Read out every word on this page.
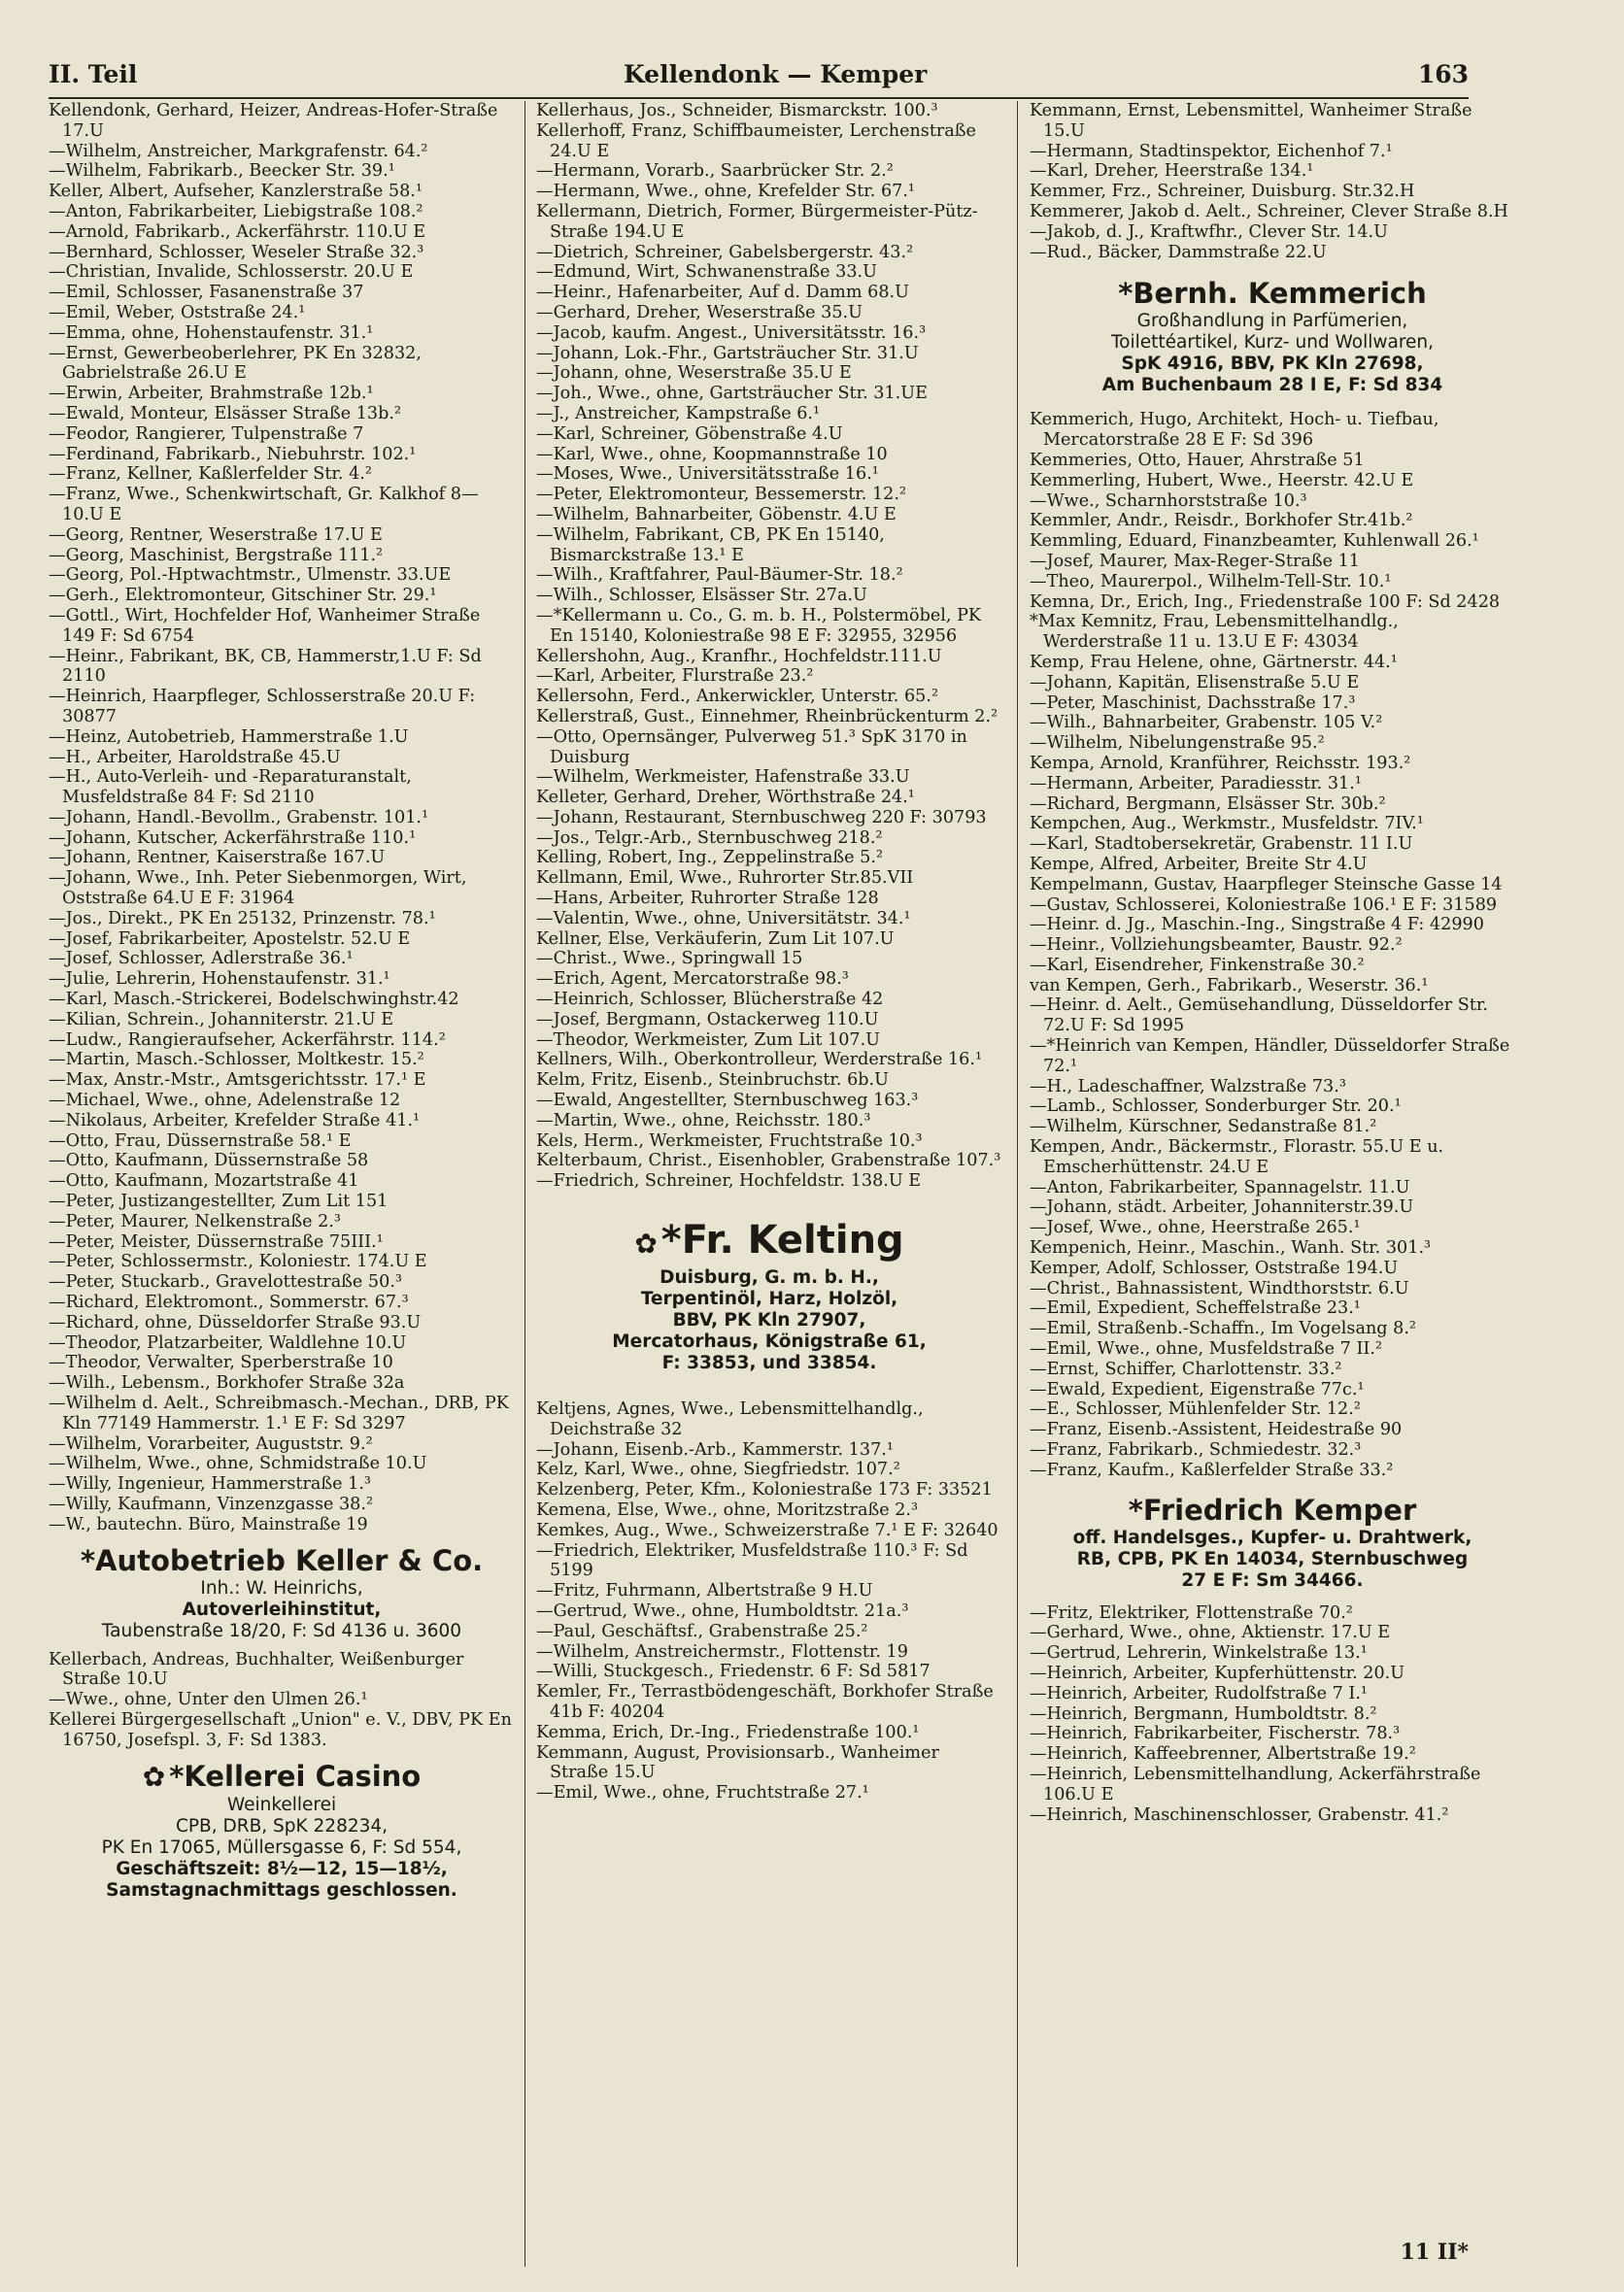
II. Teil	Kellendonk — Kemper	163
Kellendonk, Gerhard, Heizer, Andreas-Hofer-Straße 17.U
—Wilhelm, Anstreicher, Markgrafenstr. 64.²
—Wilhelm, Fabrikarb., Beecker Str. 39.¹
Keller, Albert, Aufseher, Kanzlerstraße 58.¹
—Anton, Fabrikarbeiter, Liebigstraße 108.²
—Arnold, Fabrikarb., Ackerfährstr. 110.U E
—Bernhard, Schlosser, Weseler Straße 32.³
—Christian, Invalide, Schlosserstr. 20.U E
—Emil, Schlosser, Fasanenstraße 37
—Emil, Weber, Oststraße 24.¹
—Emma, ohne, Hohenstaufenstr. 31.¹
—Ernst, Gewerbeoberlehrer, PK En 32832, Gabrielstraße 26.U E
—Erwin, Arbeiter, Brahmstraße 12b.¹
—Ewald, Monteur, Elsässer Straße 13b.²
—Feodor, Rangierer, Tulpenstraße 7
—Ferdinand, Fabrikarb., Niebuhrstr. 102.¹
—Franz, Kellner, Kaßlerfelder Str. 4.²
—Franz, Wwe., Schenkwirtschaft, Gr. Kalkhof 8—10.U E
—Georg, Rentner, Weserstraße 17.U E
—Georg, Maschinist, Bergstraße 111.²
—Georg, Pol.-Hptwachtmstr., Ulmenstr. 33.UE
—Gerh., Elektromonteur, Gitschiner Str. 29.¹
—Gottl., Wirt, Hochfelder Hof, Wanheimer Straße 149 F: Sd 6754
—Heinr., Fabrikant, BK, CB, Hammerstr,1.U F: Sd 2110
—Heinrich, Haarpfleger, Schlosserstraße 20.U F: 30877
—Heinz, Autobetrieb, Hammerstraße 1.U
—H., Arbeiter, Haroldstraße 45.U
—H., Auto-Verleih- und -Reparaturanstalt, Musfeldstraße 84 F: Sd 2110
—Johann, Handl.-Bevollm., Grabenstr. 101.¹
—Johann, Kutscher, Ackerfährstraße 110.¹
—Johann, Rentner, Kaiserstraße 167.U
—Johann, Wwe., Inh. Peter Siebenmorgen, Wirt, Oststraße 64.U E F: 31964
—Jos., Direkt., PK En 25132, Prinzenstr. 78.¹
—Josef, Fabrikarbeiter, Apostelstr. 52.U E
—Josef, Schlosser, Adlerstraße 36.¹
—Julie, Lehrerin, Hohenstaufenstr. 31.¹
—Karl, Masch.-Strickerei, Bodelschwinghstr.42
—Kilian, Schrein., Johanniterstr. 21.U E
—Ludw., Rangieraufseher, Ackerfährstr. 114.²
—Martin, Masch.-Schlosser, Moltkestr. 15.²
—Max, Anstr.-Mstr., Amtsgerichtsstr. 17.¹ E
—Michael, Wwe., ohne, Adelenstraße 12
—Nikolaus, Arbeiter, Krefelder Straße 41.¹
—Otto, Frau, Düssernstraße 58.¹ E
—Otto, Kaufmann, Düssernstraße 58
—Otto, Kaufmann, Mozartstraße 41
—Peter, Justizangestellter, Zum Lit 151
—Peter, Maurer, Nelkenstraße 2.³
—Peter, Meister, Düssernstraße 75III.¹
—Peter, Schlossermstr., Koloniestr. 174.U E
—Peter, Stuckarb., Gravelottestraße 50.³
—Richard, Elektromont., Sommerstr. 67.³
—Richard, ohne, Düsseldorfer Straße 93.U
—Theodor, Platzarbeiter, Waldlehne 10.U
—Theodor, Verwalter, Sperberstraße 10
—Wilh., Lebensm., Borkhofer Straße 32a
—Wilhelm d. Aelt., Schreibmasch.-Mechan., DRB, PK Kln 77149 Hammerstr. 1.¹ E F: Sd 3297
—Wilhelm, Vorarbeiter, Auguststr. 9.²
—Wilhelm, Wwe., ohne, Schmidstraße 10.U
—Willy, Ingenieur, Hammerstraße 1.³
—Willy, Kaufmann, Vinzenzgasse 38.²
—W., bautechn. Büro, Mainstraße 19
*Autobetrieb Keller & Co.
Inh.: W. Heinrichs,
Autoverleihinstitut,
Taubenstraße 18/20, F: Sd 4136 u. 3600
Kellerbach, Andreas, Buchhalter, Weißenburger Straße 10.U
—Wwe., ohne, Unter den Ulmen 26.¹
Kellerei Bürgergesellschaft „Union" e. V., DBV, PK En 16750, Josefspl. 3, F: Sd 1383.
✿ *Kellerei Casino
Weinkellerei
CPB, DRB, SpK 228234,
PK En 17065, Müllersgasse 6, F: Sd 554,
Geschäftszeit: 8½—12, 15—18½, Samstagnachmittags geschlossen.
Kellerhaus, Jos., Schneider, Bismarckstr. 100.³
Kellerhoff, Franz, Schiffbaumeister, Lerchenstraße 24.U E
—Hermann, Vorarb., Saarbrücker Str. 2.²
—Hermann, Wwe., ohne, Krefelder Str. 67.¹
Kellermann, Dietrich, Former, Bürgermeister-Pütz-Straße 194.U E
—Dietrich, Schreiner, Gabelsbergerstr. 43.²
—Edmund, Wirt, Schwanenstraße 33.U
—Heinr., Hafenarbeiter, Auf d. Damm 68.U
—Gerhard, Dreher, Weserstraße 35.U
—Jacob, kaufm. Angest., Universitätsstr. 16.³
—Johann, Lok.-Fhr., Gartsträucher Str. 31.U
—Johann, ohne, Weserstraße 35.U E
—Joh., Wwe., ohne, Gartsträucher Str. 31.UE
—J., Anstreicher, Kampstraße 6.¹
—Karl, Schreiner, Göbenstraße 4.U
—Karl, Wwe., ohne, Koopmannstraße 10
—Moses, Wwe., Universitätsstraße 16.¹
—Peter, Elektromonteur, Bessemerstr. 12.²
—Wilhelm, Bahnarbeiter, Göbenstr. 4.U E
—Wilhelm, Fabrikant, CB, PK En 15140, Bismarckstraße 13.¹ E
—Wilh., Kraftfahrer, Paul-Bäumer-Str. 18.²
—Wilh., Schlosser, Elsässer Str. 27a.U
—*Kellermann u. Co., G. m. b. H., Polstermöbel, PK En 15140, Koloniestraße 98 E F: 32955, 32956
Kellershohn, Aug., Kranfhr., Hochfeldstr.111.U
—Karl, Arbeiter, Flurstraße 23.²
Kellersohn, Ferd., Ankerwickler, Unterstr. 65.²
Kellerstraß, Gust., Einnehmer, Rheinbrückenturm 2.²
—Otto, Opernsänger, Pulverweg 51.³ SpK 3170 in Duisburg
—Wilhelm, Werkmeister, Hafenstraße 33.U
Kelleter, Gerhard, Dreher, Wörthstraße 24.¹
—Johann, Restaurant, Sternbuschweg 220 F: 30793
—Jos., Telgr.-Arb., Sternbuschweg 218.²
Kelling, Robert, Ing., Zeppelinstraße 5.²
Kellmann, Emil, Wwe., Ruhrorter Str.85.VII
—Hans, Arbeiter, Ruhrorter Straße 128
—Valentin, Wwe., ohne, Universitätstr. 34.¹
Kellner, Else, Verkäuferin, Zum Lit 107.U
—Christ., Wwe., Springwall 15
—Erich, Agent, Mercatorstraße 98.³
—Heinrich, Schlosser, Blücherstraße 42
—Josef, Bergmann, Ostackerweg 110.U
—Theodor, Werkmeister, Zum Lit 107.U
Kellners, Wilh., Oberkontrolleur, Werderstraße 16.¹
Kelm, Fritz, Eisenb., Steinbruchstr. 6b.U
—Ewald, Angestellter, Sternbuschweg 163.³
—Martin, Wwe., ohne, Reichsstr. 180.³
Kels, Herm., Werkmeister, Fruchtstraße 10.³
Kelterbaum, Christ., Eisenhobler, Grabenstraße 107.³
—Friedrich, Schreiner, Hochfeldstr. 138.U E
✿ *Fr. Kelting
Duisburg, G. m. b. H.,
Terpentinöl, Harz, Holzöl,
BBV, PK Kln 27907,
Mercatorhaus, Königstraße 61,
F: 33853, und 33854.
Keltjens, Agnes, Wwe., Lebensmittelhandlg., Deichstraße 32
—Johann, Eisenb.-Arb., Kammerstr. 137.¹
Kelz, Karl, Wwe., ohne, Siegfriedstr. 107.²
Kelzenberg, Peter, Kfm., Koloniestraße 173 F: 33521
Kemena, Else, Wwe., ohne, Moritzstraße 2.³
Kemkes, Aug., Wwe., Schweizerstraße 7.¹ E F: 32640
—Friedrich, Elektriker, Musfeldstraße 110.³ F: Sd 5199
—Fritz, Fuhrmann, Albertstraße 9 H.U
—Gertrud, Wwe., ohne, Humboldtstr. 21a.³
—Paul, Geschäftsf., Grabenstraße 25.²
—Wilhelm, Anstreichermstr., Flottenstr. 19
—Willi, Stuckgesch., Friedenstr. 6 F: Sd 5817
Kemler, Fr., Terrastbödengeschäft, Borkhofer Straße 41b F: 40204
Kemma, Erich, Dr.-Ing., Friedenstraße 100.¹
Kemmann, August, Provisionsarb., Wanheimer Straße 15.U
—Emil, Wwe., ohne, Fruchtstraße 27.¹
Kemmann, Ernst, Lebensmittel, Wanheimer Straße 15.U
—Hermann, Stadtinspektor, Eichenhof 7.¹
—Karl, Dreher, Heerstraße 134.¹
Kemmer, Frz., Schreiner, Duisburg. Str.32.H
Kemmerer, Jakob d. Aelt., Schreiner, Clever Straße 8.H
—Jakob, d. J., Kraftwfhr., Clever Str. 14.U
—Rud., Bäcker, Dammstraße 22.U
*Bernh. Kemmerich
Großhandlung in Parfümerien,
Toilettéartikel, Kurz- und Wollwaren,
SpK 4916, BBV, PK Kln 27698,
Am Buchenbaum 28 I E, F: Sd 834
Kemmerich, Hugo, Architekt, Hoch- u. Tiefbau, Mercatorstraße 28 E F: Sd 396
Kemmeries, Otto, Hauer, Ahrstraße 51
Kemmerling, Hubert, Wwe., Heerstr. 42.U E
—Wwe., Scharnhorststraße 10.³
Kemmler, Andr., Reisdr., Borkhofer Str.41b.²
Kemmling, Eduard, Finanzbeamter, Kuhlenwall 26.¹
—Josef, Maurer, Max-Reger-Straße 11
—Theo, Maurerpol., Wilhelm-Tell-Str. 10.¹
Kemna, Dr., Erich, Ing., Friedenstraße 100 F: Sd 2428
*Max Kemnitz, Frau, Lebensmittelhandlg., Werderstraße 11 u. 13.U E F: 43034
Kemp, Frau Helene, ohne, Gärtnerstr. 44.¹
—Johann, Kapitän, Elisenstraße 5.U E
—Peter, Maschinist, Dachsstraße 17.³
—Wilh., Bahnarbeiter, Grabenstr. 105 V.²
—Wilhelm, Nibelungenstraße 95.²
Kempa, Arnold, Kranführer, Reichsstr. 193.²
—Hermann, Arbeiter, Paradiesstr. 31.¹
—Richard, Bergmann, Elsässer Str. 30b.²
Kempchen, Aug., Werkmstr., Musfeldstr. 7IV.¹
—Karl, Stadtobersekretär, Grabenstr. 11 I.U
Kempe, Alfred, Arbeiter, Breite Str 4.U
Kempelmann, Gustav, Haarpfleger Steinsche Gasse 14
—Gustav, Schlosserei, Koloniestraße 106.¹ E F: 31589
—Heinr. d. Jg., Maschin.-Ing., Singstraße 4 F: 42990
—Heinr., Vollziehungsbeamter, Baustr. 92.²
—Karl, Eisendreher, Finkenstraße 30.²
van Kempen, Gerh., Fabrikarb., Weserstr. 36.¹
—Heinr. d. Aelt., Gemüsehandlung, Düsseldorfer Str. 72.U F: Sd 1995
—*Heinrich van Kempen, Händler, Düsseldorfer Straße 72.¹
—H., Ladeschaffner, Walzstraße 73.³
—Lamb., Schlosser, Sonderburger Str. 20.¹
—Wilhelm, Kürschner, Sedanstraße 81.²
Kempen, Andr., Bäckermstr., Florastr. 55.U E u. Emscherhüttenstr. 24.U E
—Anton, Fabrikarbeiter, Spannagelstr. 11.U
—Johann, städt. Arbeiter, Johanniterstr.39.U
—Josef, Wwe., ohne, Heerstraße 265.¹
Kempenich, Heinr., Maschin., Wanh. Str. 301.³
Kemper, Adolf, Schlosser, Oststraße 194.U
—Christ., Bahnassistent, Windthorststr. 6.U
—Emil, Expedient, Scheffelstraße 23.¹
—Emil, Straßenb.-Schaffn., Im Vogelsang 8.²
—Emil, Wwe., ohne, Musfeldstraße 7 II.²
—Ernst, Schiffer, Charlottenstr. 33.²
—Ewald, Expedient, Eigenstraße 77c.¹
—E., Schlosser, Mühlenfelder Str. 12.²
—Franz, Eisenb.-Assistent, Heidestraße 90
—Franz, Fabrikarb., Schmiedestr. 32.³
—Franz, Kaufm., Kaßlerfelder Straße 33.²
*Friedrich Kemper
off. Handelsges., Kupfer- u. Drahtwerk,
RB, CPB, PK En 14034, Sternbuschweg
27 E F: Sm 34466.
—Fritz, Elektriker, Flottenstraße 70.²
—Gerhard, Wwe., ohne, Aktienstr. 17.U E
—Gertrud, Lehrerin, Winkelstraße 13.¹
—Heinrich, Arbeiter, Kupferhüttenstr. 20.U
—Heinrich, Arbeiter, Rudolfstraße 7 I.¹
—Heinrich, Bergmann, Humboldtstr. 8.²
—Heinrich, Fabrikarbeiter, Fischerstr. 78.³
—Heinrich, Kaffeebrenner, Albertstraße 19.²
—Heinrich, Lebensmittelhandlung, Ackerfährstraße 106.U E
—Heinrich, Maschinenschlosser, Grabenstr. 41.²
11 II*
